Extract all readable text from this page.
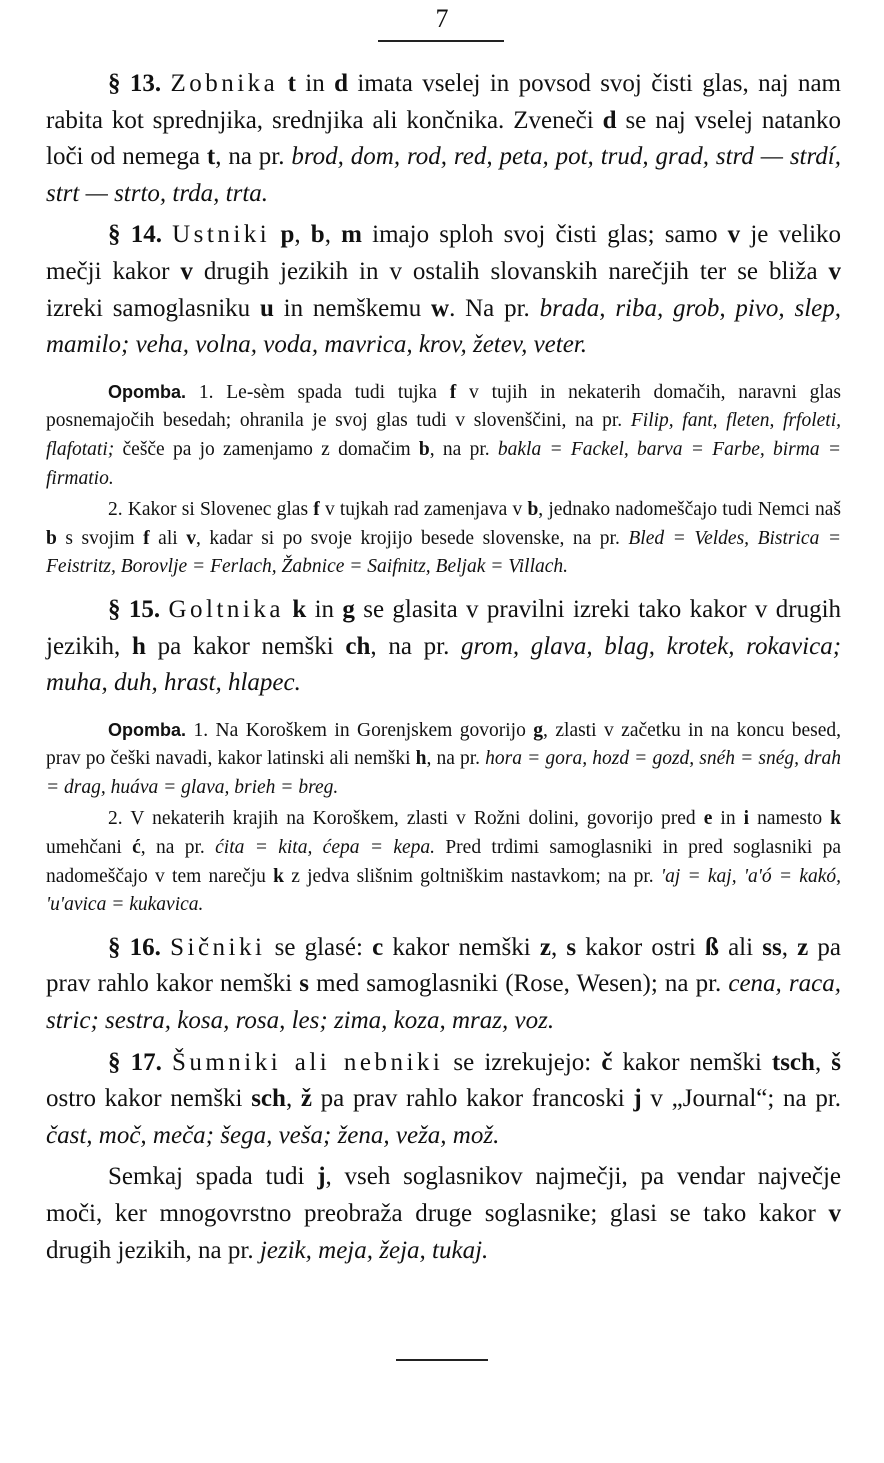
7

§ 13. Zobnika t in d imata vselej in povsod svoj čisti glas, naj nam rabita kot sprednjika, srednjika ali končnika. Zveneči d se naj vselej natanko loči od nemega t, na pr. brod, dom, rod, red, peta, pot, trud, grad, strd — strdí, strt — strto, trda, trta.

§ 14. Ustniki p, b, m imajo sploh svoj čisti glas; samo v je veliko mečji kakor v drugih jezikih in v ostalih slovanskih narečjih ter se bliža v izreki samoglasniku u in nemškemu w. Na pr. brada, riba, grob, pivo, slep, mamilo; veha, volna, voda, mavrica, krov, žetev, veter.

Opomba. 1. Le-sèm spada tudi tujka f v tujih in nekaterih domačih, naravni glas posnemajočih besedah; ohranila je svoj glas tudi v slovenščini, na pr. Filip, fant, fleten, frfoleti, flafotati; češče pa jo zamenjamo z domačim b, na pr. bakla = Fackel, barva = Farbe, birma = firmatio.

2. Kakor si Slovenec glas f v tujkah rad zamenjava v b, jednako nadomeščajo tudi Nemci naš b s svojim f ali v, kadar si po svoje krojijo besede slovenske, na pr. Bled = Veldes, Bistrica = Feistritz, Borovlje = Ferlach, Žabnice = Saifnitz, Beljak = Villach.

§ 15. Goltnika k in g se glasita v pravilni izreki tako kakor v drugih jezikih, h pa kakor nemški ch, na pr. grom, glava, blag, krotek, rokavica; muha, duh, hrast, hlapec.

Opomba. 1. Na Koroškem in Gorenjskem govorijo g, zlasti v začetku in na koncu besed, prav po češki navadi, kakor latinski ali nemški h, na pr. hora = gora, hozd = gozd, snéh = snég, drah = drag, huáva = glava, brieh = breg.

2. V nekaterih krajih na Koroškem, zlasti v Rožni dolini, govorijo pred e in i namesto k umehčani ć, na pr. ćita = kita, ćepa = kepa. Pred trdimi samoglasniki in pred soglasniki pa nadomeščajo v tem narečju k z jedva slišnim goltniškim nastavkom; na pr. 'aj = kaj, 'a'ó = kakó, 'u'avica = kukavica.

§ 16. Sičniki se glasé: c kakor nemški z, s kakor ostri ß ali ss, z pa prav rahlo kakor nemški s med samoglasniki (Rose, Wesen); na pr. cena, raca, stric; sestra, kosa, rosa, les; zima, koza, mraz, voz.

§ 17. Šumniki ali nebniki se izrekujejo: č kakor nemški tsch, š ostro kakor nemški sch, ž pa prav rahlo kakor francoski j v „Journal“; na pr. čast, moč, meča; šega, veša; žena, veža, mož.

Semkaj spada tudi j, vseh soglasnikov najmečji, pa vendar največje moči, ker mnogovrstno preobraža druge soglasnike; glasi se tako kakor v drugih jezikih, na pr. jezik, meja, žeja, tukaj.
